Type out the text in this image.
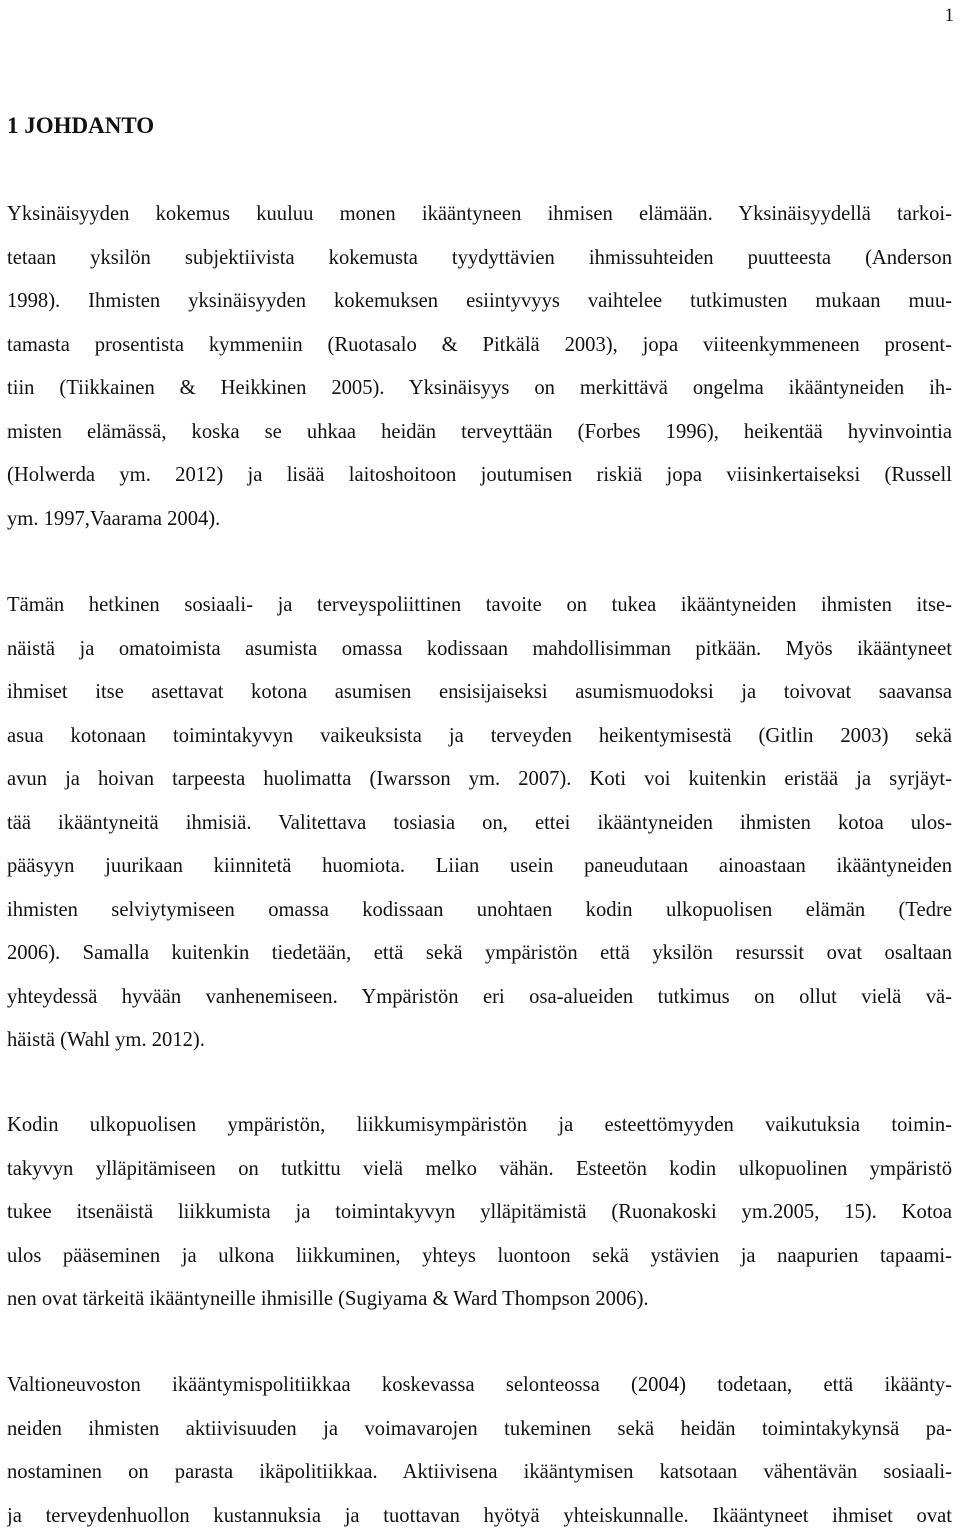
1
1 JOHDANTO

Yksinäisyyden kokemus kuuluu monen ikääntyneen ihmisen elämään. Yksinäisyydellä tarkoi-
tetaan yksilön subjektiivista kokemusta tyydyttävien ihmissuhteiden puutteesta (Anderson
1998). Ihmisten yksinäisyyden kokemuksen esiintyvyys vaihtelee tutkimusten mukaan muu-
tamasta prosentista kymmeniin (Ruotasalo & Pitkälä 2003), jopa viiteenkymmeneen prosent-
tiin (Tiikkainen & Heikkinen 2005). Yksinäisyys on merkittävä ongelma ikääntyneiden ih-
misten elämässä, koska se uhkaa heidän terveyttään (Forbes 1996), heikentää hyvinvointia
(Holwerda ym. 2012) ja lisää laitoshoitoon joutumisen riskiä jopa viisinkertaiseksi (Russell
ym. 1997,Vaarama 2004).

Tämän hetkinen sosiaali- ja terveyspoliittinen tavoite on tukea ikääntyneiden ihmisten itse-
näistä ja omatoimista asumista omassa kodissaan mahdollisimman pitkään. Myös ikääntyneet
ihmiset itse asettavat kotona asumisen ensisijaiseksi asumismuodoksi ja toivovat saavansa
asua kotonaan toimintakyvyn vaikeuksista ja terveyden heikentymisestä (Gitlin 2003) sekä
avun ja hoivan tarpeesta huolimatta (Iwarsson ym. 2007). Koti voi kuitenkin eristää ja syrjäyt-
tää ikääntyneitä ihmisiä. Valitettava tosiasia on, ettei ikääntyneiden ihmisten kotoa ulos-
pääsyyn juurikaan kiinnitetä huomiota. Liian usein paneudutaan ainoastaan ikääntyneiden
ihmisten selviytymiseen omassa kodissaan unohtaen kodin ulkopuolisen elämän (Tedre
2006). Samalla kuitenkin tiedetään, että sekä ympäristön että yksilön resurssit ovat osaltaan
yhteydessä hyvään vanhenemiseen. Ympäristön eri osa-alueiden tutkimus on ollut vielä vä-
häistä (Wahl ym. 2012).

Kodin ulkopuolisen ympäristön, liikkumisympäristön ja esteettömyyden vaikutuksia toimin-
takyvyn ylläpitämiseen on tutkittu vielä melko vähän. Esteetön kodin ulkopuolinen ympäristö
tukee itsenäistä liikkumista ja toimintakyvyn ylläpitämistä (Ruonakoski ym.2005, 15). Kotoa
ulos pääseminen ja ulkona liikkuminen, yhteys luontoon sekä ystävien ja naapurien tapaami-
nen ovat tärkeitä ikääntyneille ihmisille (Sugiyama & Ward Thompson 2006).

Valtioneuvoston ikääntymispolitiikkaa koskevassa selonteossa (2004) todetaan, että ikäänty-
neiden ihmisten aktiivisuuden ja voimavarojen tukeminen sekä heidän toimintakykynsä pa-
nostaminen on parasta ikäpolitiikkaa. Aktiivisena ikääntymisen katsotaan vähentävän sosiaali-
ja terveydenhuollon kustannuksia ja tuottavan hyötyä yhteiskunnalle. Ikääntyneet ihmiset ovat
